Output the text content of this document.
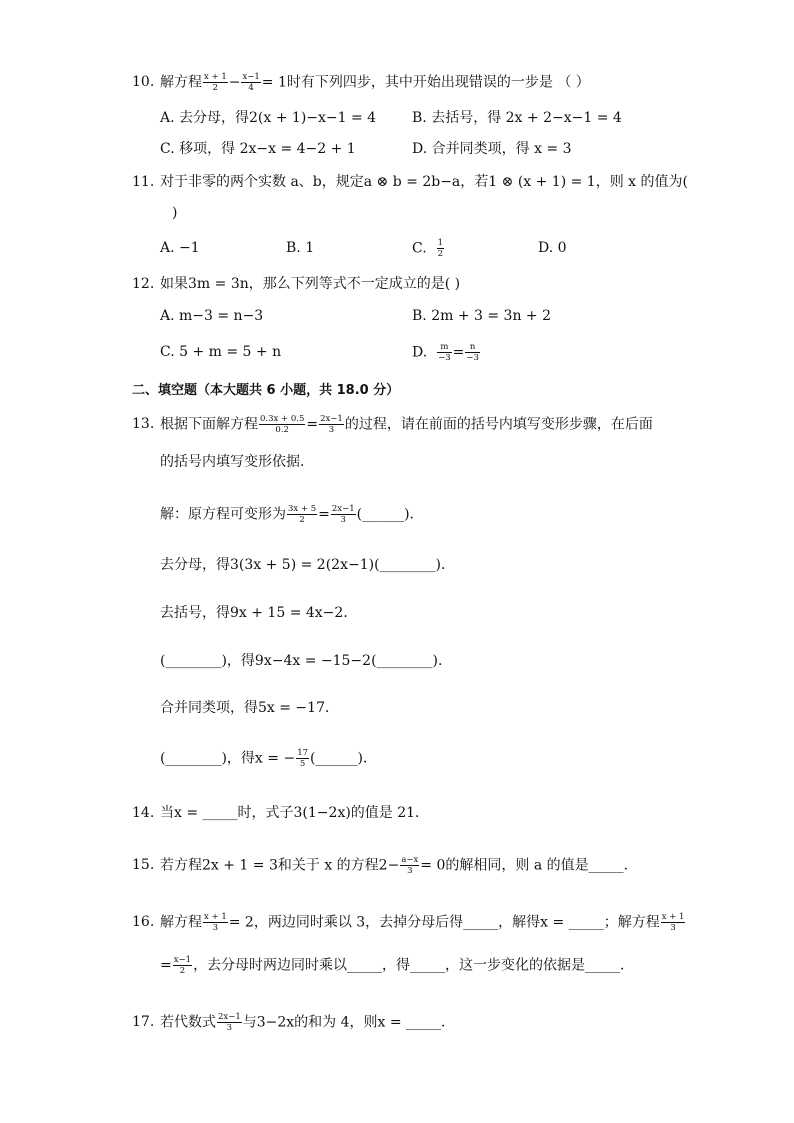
10. 解方程 $\frac{x + 1}{2} - \frac{x-1}{4} = 1$时有下列四步，其中开始出现错误的一步是 （ ）
A. 去分母，得2(x + 1)−x−1 = 4	B. 去括号，得 2x + 2−x−1 = 4
C. 移项，得 2x−x = 4−2 + 1	D. 合并同类项，得 x = 3
11. 对于非零的两个实数 a、b，规定a ⊗ b = 2b−a，若1 ⊗ (x + 1) = 1，则 x 的值为(
)
A. −1	B. 1	C. $\frac{1}{2}$	D. 0
12. 如果3m = 3n，那么下列等式不一定成立的是( )
A. m−3 = n−3	B. 2m + 3 = 3n + 2
C. 5 + m = 5 + n	D. $\frac{m}{-3} = \frac{n}{-3}$
二、填空题（本大题共 6 小题，共 18.0 分）
13. 根据下面解方程 $\frac{0.3x + 0.5}{0.2} = \frac{2x-1}{3}$ 的过程，请在前面的括号内填写变形步骤，在后面
的括号内填写变形依据．
解：原方程可变形为 $\frac{3x + 5}{2} = \frac{2x-1}{3}$ (______)．
去分母，得3(3x + 5) = 2(2x−1)(________)．
去括号，得9x + 15 = 4x−2．
(________)，得9x−4x = −15−2(________)．
合并同类项，得5x = −17．
(________)，得x = − $\frac{17}{5}$ (______)．
14. 当x = _____时，式子3(1−2x)的值是 21．
15. 若方程2x + 1 = 3和关于 x 的方程$2- \frac{a-x}{3} = 0$的解相同，则 a 的值是_____．
16. 解方程 $\frac{x + 1}{3} = 2$，两边同时乘以 3，去掉分母后得_____，解得x = _____；解方程 $\frac{x + 1}{3}$
= $\frac{x-1}{2}$ ，去分母时两边同时乘以_____，得_____，这一步变化的依据是_____．
17. 若代数式 $\frac{2x-1}{3}$ 与3−2x的和为 4，则x = _____．
